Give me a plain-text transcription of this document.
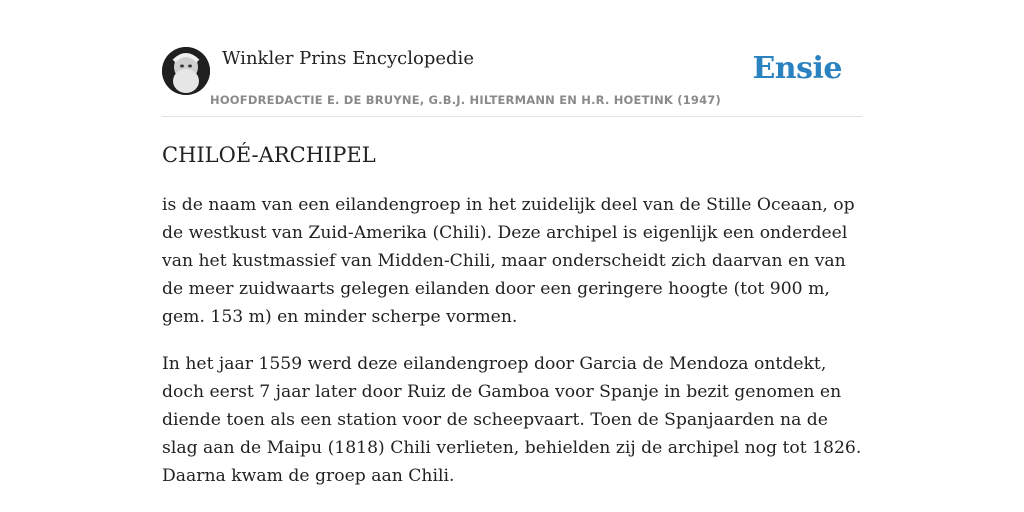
Winkler Prins Encyclopedie
HOOFDREDACTIE E. DE BRUYNE, G.B.J. HILTERMANN EN H.R. HOETINK (1947)
Ensie
CHILOÉ-ARCHIPEL

is de naam van een eilandengroep in het zuidelijk deel van de Stille Oceaan, op de westkust van Zuid-Amerika (Chili). Deze archipel is eigenlijk een onderdeel van het kustmassief van Midden-Chili, maar onderscheidt zich daarvan en van de meer zuidwaarts gelegen eilanden door een geringere hoogte (tot 900 m, gem. 153 m) en minder scherpe vormen.

In het jaar 1559 werd deze eilandengroep door Garcia de Mendoza ontdekt, doch eerst 7 jaar later door Ruiz de Gamboa voor Spanje in bezit genomen en diende toen als een station voor de scheepvaart. Toen de Spanjaarden na de slag aan de Maipu (1818) Chili verlieten, behielden zij de archipel nog tot 1826. Daarna kwam de groep aan Chili.
